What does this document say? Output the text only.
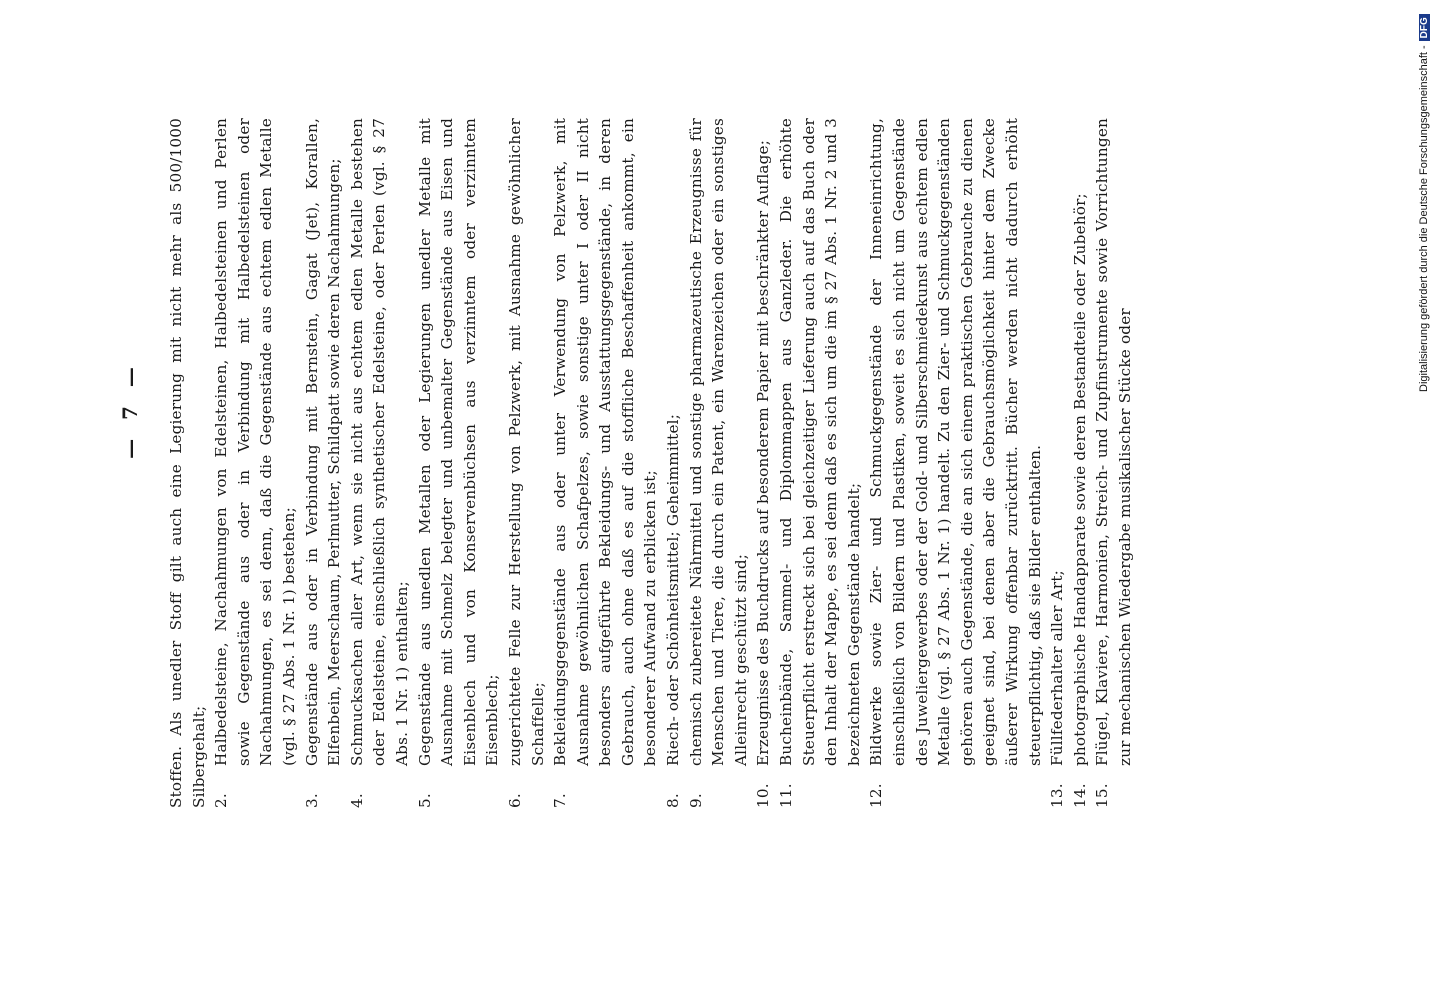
— 7 — Stoffen. Als unedler Stoff gilt auch eine Legierung mit nicht mehr als 500/1000 Silbergehalt; 2.
Halbedelsteine, Nachahmungen von Edelsteinen, Halbedelsteinen und Perlen sowie Gegenstände aus oder in Verbindung mit Halbedelsteinen oder Nachahmungen, es sei denn, daß die Gegenstände aus echtem edlen Metalle (vgl. § 27 Abs. 1 Nr. 1) bestehen;
3.
Gegenstände aus oder in Verbindung mit Bernstein, Gagat (Jet), Korallen, Elfenbein, Meerschaum, Perlmutter, Schildpatt sowie deren Nachahmungen;
4.
Schmucksachen aller Art, wenn sie nicht aus echtem edlen Metalle bestehen oder Edelsteine, einschließlich synthetischer Edelsteine, oder Perlen (vgl. § 27 Abs. 1 Nr. 1) enthalten;
5.
Gegenstände aus unedlen Metallen oder Legierungen unedler Metalle mit Ausnahme mit Schmelz belegter und unbemalter Gegenstände aus Eisen und Eisenblech und von Konservenbüchsen aus verzinntem oder verzinntem Eisenblech;
6.
zugerichtete Felle zur Herstellung von Pelzwerk, mit Ausnahme gewöhnlicher Schaffelle;
7.
Bekleidungsgegenstände aus oder unter Verwendung von Pelzwerk, mit Ausnahme gewöhnlichen Schafpelzes, sowie sonstige unter I oder II nicht besonders aufgeführte Bekleidungs- und Ausstattungsgegenstände, in deren Gebrauch, auch ohne daß es auf die stoffliche Beschaffenheit ankommt, ein besonderer Aufwand zu erblicken ist;
8.
Riech- oder Schönheitsmittel; Geheimmittel;
9.
chemisch zubereitete Nährmittel und sonstige pharmazeutische Erzeugnisse für Menschen und Tiere, die durch ein Patent, ein Warenzeichen oder ein sonstiges Alleinrecht geschützt sind;
10.
Erzeugnisse des Buchdrucks auf besonderem Papier mit beschränkter Auflage;
11.
Bucheinbände, Sammel- und Diplommappen aus Ganzleder. Die erhöhte Steuerpflicht erstreckt sich bei gleichzeitiger Lieferung auch auf das Buch oder den Inhalt der Mappe, es sei denn daß es sich um die im § 27 Abs. 1 Nr. 2 und 3 bezeichneten Gegenstände handelt;
12.
Bildwerke sowie Zier- und Schmuckgegenstände der Inneneinrichtung, einschließlich von Bildern und Plastiken, soweit es sich nicht um Gegenstände des Juweliergewerbes oder der Gold- und Silberschmiedekunst aus echtem edlen Metalle (vgl. § 27 Abs. 1 Nr. 1) handelt. Zu den Zier- und Schmuckgegenständen gehören auch Gegenstände, die an sich einem praktischen Gebrauche zu dienen geeignet sind, bei denen aber die Gebrauchsmöglichkeit hinter dem Zwecke äußerer Wirkung offenbar zurücktritt. Bücher werden nicht dadurch erhöht steuerpflichtig, daß sie Bilder enthalten.
13.
Füllfederhalter aller Art;
14.
photographische Handapparate sowie deren Bestandteile oder Zubehör;
15.
Flügel, Klaviere, Harmonien, Streich- und Zupfinstrumente sowie Vorrichtungen zur mechanischen Wiedergabe musikalischer Stücke oder
Digitalisierung gefördert durch die Deutsche Forschungsgemeinschaft -DFG
